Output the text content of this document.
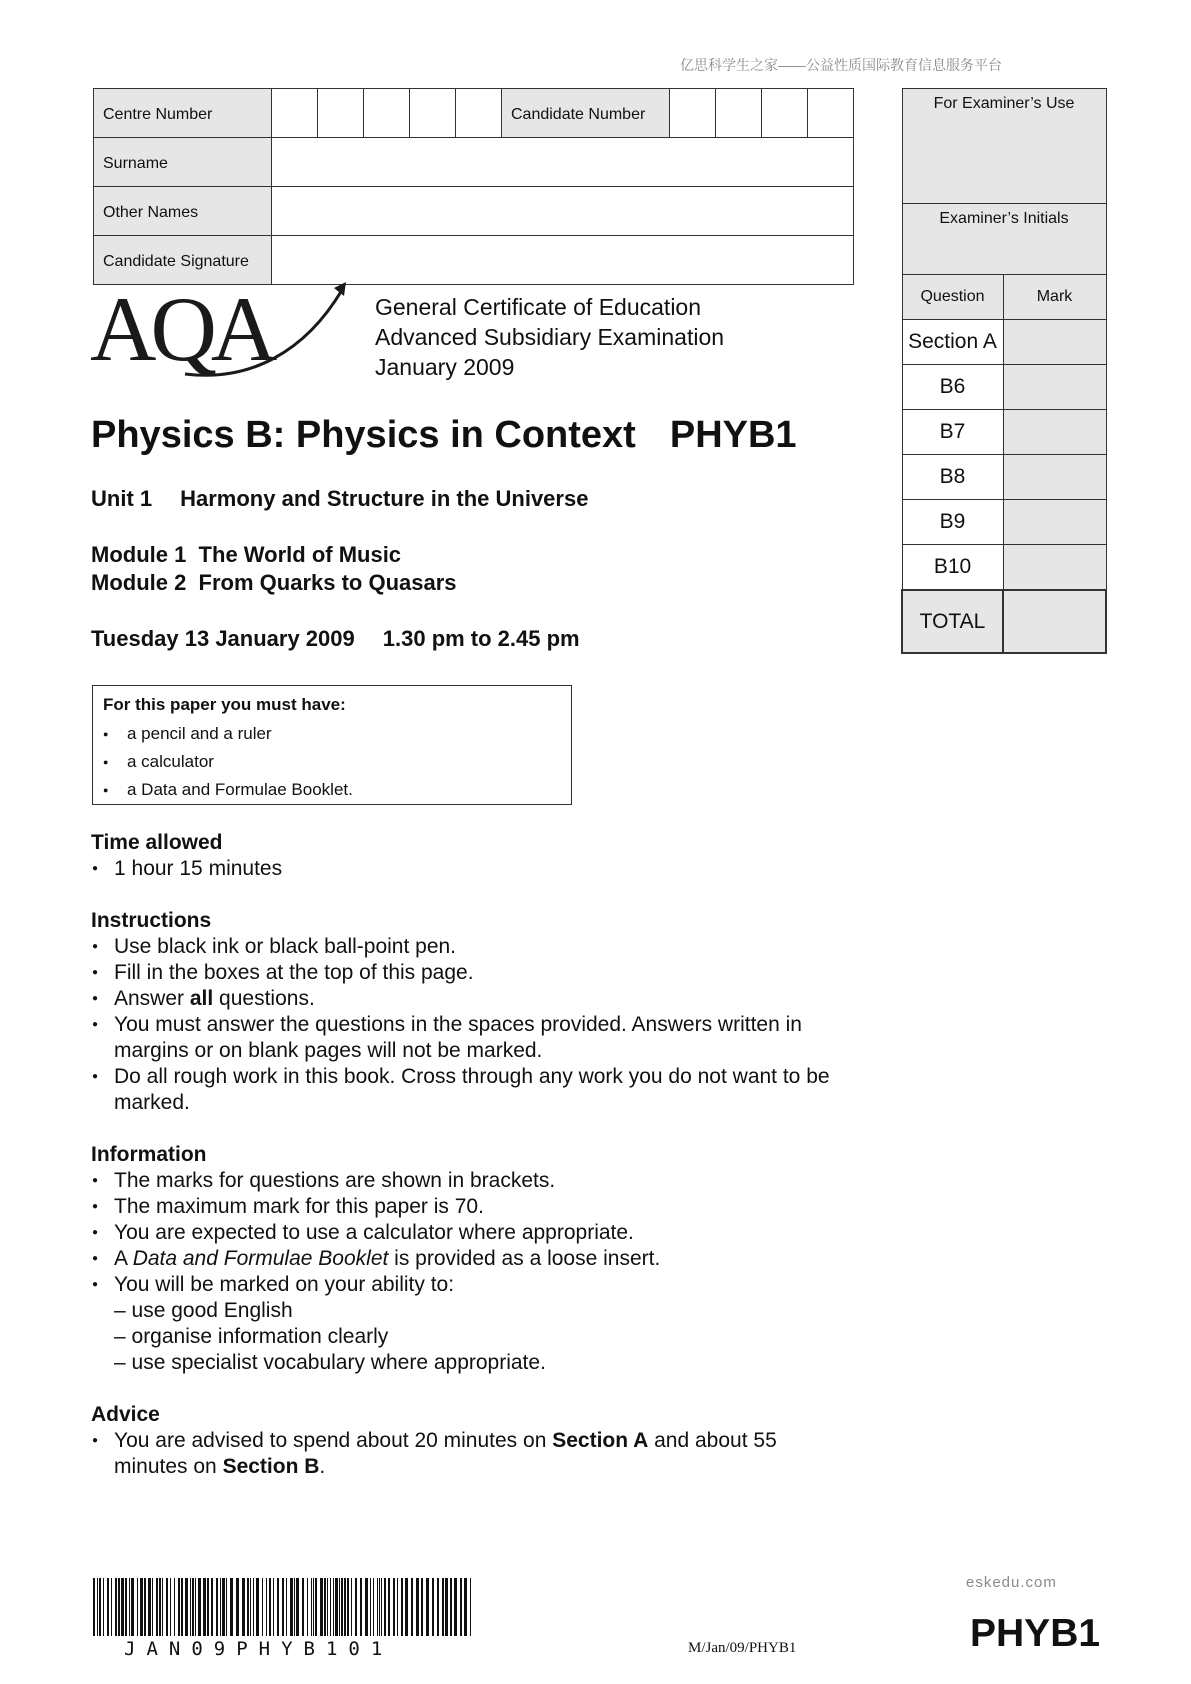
亿思科学生之家——公益性质国际教育信息服务平台
Centre Number						Candidate Number				
Surname										
Other Names										
Candidate Signature										
For Examiner’s Use	
Examiner’s Initials	
Question	Mark
Section A	
B6	
B7	
B8	
B9	
B10	
TOTAL	
AQA	General Certificate of Education
Advanced Subsidiary Examination
January 2009
Physics B: Physics in Context PHYB1
Unit 1 Harmony and Structure in the Universe
Module 1  The World of Music
Module 2  From Quarks to Quasars
Tuesday 13 January 2009 1.30 pm to 2.45 pm
For this paper you must have:
● a pencil and a ruler
● a calculator
● a Data and Formulae Booklet.
Time allowed
● 1 hour 15 minutes
Instructions
● Use black ink or black ball-point pen.
● Fill in the boxes at the top of this page.
● Answer all questions.
● You must answer the questions in the spaces provided. Answers written in margins or on blank pages will not be marked.
● Do all rough work in this book. Cross through any work you do not want to be marked.
Information
● The marks for questions are shown in brackets.
● The maximum mark for this paper is 70.
● You are expected to use a calculator where appropriate.
● A Data and Formulae Booklet is provided as a loose insert.
● You will be marked on your ability to:
– use good English
– organise information clearly
– use specialist vocabulary where appropriate.
Advice
● You are advised to spend about 20 minutes on Section A and about 55 minutes on Section B.
JAN09PHYB101	M/Jan/09/PHYB1
eskedu.com
PHYB1
